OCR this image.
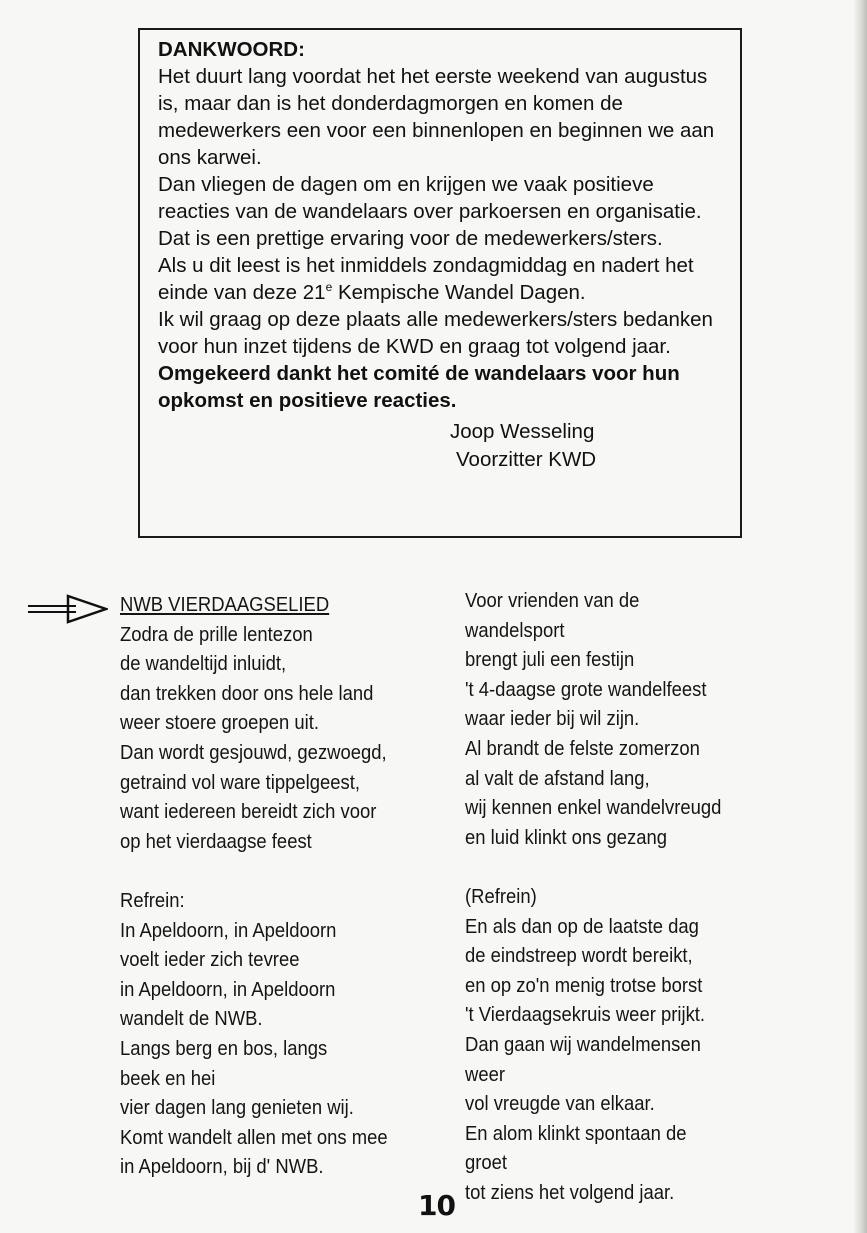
DANKWOORD:

Het duurt lang voordat het het eerste weekend van augustus is, maar dan is het donderdagmorgen en komen de medewerkers een voor een binnenlopen en beginnen we aan ons karwei.

Dan vliegen de dagen om en krijgen we vaak positieve reacties van de wandelaars over parkoersen en organisatie. Dat is een prettige ervaring voor de medewerkers/sters.

Als u dit leest is het inmiddels zondagmiddag en nadert het einde van deze 21e Kempische Wandel Dagen.

Ik wil graag op deze plaats alle medewerkers/sters bedanken voor hun inzet tijdens de KWD en graag tot volgend jaar. Omgekeerd dankt het comité de wandelaars voor hun opkomst en positieve reacties.

Joop Wesseling
Voorzitter KWD
NWB VIERDAAGSELIED
Zodra de prille lentezon
de wandeltijd inluidt,
dan trekken door ons hele land
weer stoere groepen uit.
Dan wordt gesjouwd, gezwoegd,
getraind vol ware tippelgeest,
want iedereen bereidt zich voor
op het vierdaagse feest
Refrein:
In Apeldoorn, in Apeldoorn
voelt ieder zich tevree
in Apeldoorn, in Apeldoorn
wandelt de NWB.
Langs berg en bos, langs
beek en hei
vier dagen lang genieten wij.
Komt wandelt allen met ons mee
in Apeldoorn, bij d' NWB.
Voor vrienden van de
wandelsport
brengt juli een festijn
't 4-daagse grote wandelfeest
waar ieder bij wil zijn.
Al brandt de felste zomerzon
al valt de afstand lang,
wij kennen enkel wandelvreugd
en luid klinkt ons gezang
(Refrein)
En als dan op de laatste dag
de eindstreep wordt bereikt,
en op zo'n menig trotse borst
't Vierdaagsekruis weer prijkt.
Dan gaan wij wandelmensen
weer
vol vreugde van elkaar.
En alom klinkt spontaan de
groet
tot ziens het volgend jaar.
10
